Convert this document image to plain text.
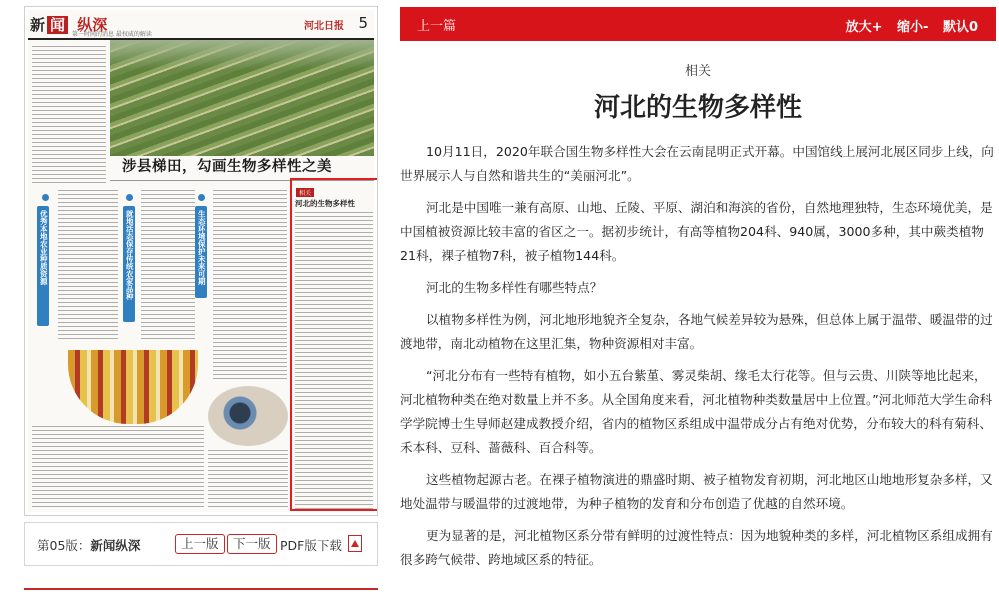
新 闻 纵深
第一时间的消息 最权威的解读
河北日报 5
涉县梯田，勾画生物多样性之美
优秀本地农业种质资源	就地活态保存传统农家品种	生态环境保护未来可期
相关
河北的生物多样性
第05版：新闻纵深	上一版	下一版 PDF版下载
上一篇	放大+ 缩小- 默认0
相关
河北的生物多样性

10月11日，2020年联合国生物多样性大会在云南昆明正式开幕。中国馆线上展河北展区同步上线，向世界展示人与自然和谐共生的“美丽河北”。

河北是中国唯一兼有高原、山地、丘陵、平原、湖泊和海滨的省份，自然地理独特，生态环境优美，是中国植被资源比较丰富的省区之一。据初步统计，有高等植物204科、940属，3000多种，其中蕨类植物21科，裸子植物7科，被子植物144科。

河北的生物多样性有哪些特点？

以植物多样性为例，河北地形地貌齐全复杂，各地气候差异较为悬殊，但总体上属于温带、暖温带的过渡地带，南北动植物在这里汇集，物种资源相对丰富。

“河北分布有一些特有植物，如小五台紫堇、雾灵柴胡、缘毛太行花等。但与云贵、川陕等地比起来，河北植物种类在绝对数量上并不多。从全国角度来看，河北植物种类数量居中上位置。”河北师范大学生命科学学院博士生导师赵建成教授介绍，省内的植物区系组成中温带成分占有绝对优势，分布较大的科有菊科、禾本科、豆科、蔷薇科、百合科等。

这些植物起源古老。在裸子植物演进的鼎盛时期、被子植物发育初期，河北地区山地地形复杂多样，又地处温带与暖温带的过渡地带，为种子植物的发育和分布创造了优越的自然环境。

更为显著的是，河北植物区系分带有鲜明的过渡性特点：因为地貌种类的多样，河北植物区系组成拥有很多跨气候带、跨地域区系的特征。
